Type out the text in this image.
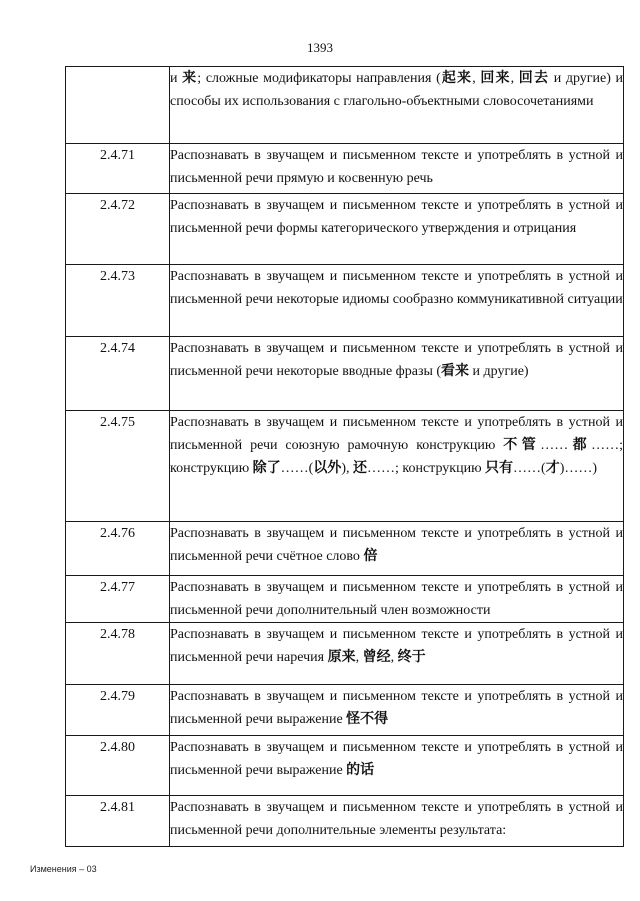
1393
	и 来; сложные модификаторы направления (起来, 回来, 回去 и другие) и способы их использования с глагольно-объектными словосочетаниями
2.4.71	Распознавать в звучащем и письменном тексте и употреблять в устной и письменной речи прямую и косвенную речь
2.4.72	Распознавать в звучащем и письменном тексте и употреблять в устной и письменной речи формы категорического утверждения и отрицания
2.4.73	Распознавать в звучащем и письменном тексте и употреблять в устной и письменной речи некоторые идиомы сообразно коммуникативной ситуации
2.4.74	Распознавать в звучащем и письменном тексте и употреблять в устной и письменной речи некоторые вводные фразы (看来 и другие)
2.4.75	Распознавать в звучащем и письменном тексте и употреблять в устной и письменной речи союзную рамочную конструкцию 不管……都……; конструкцию 除了……(以外), 还……; конструкцию 只有……(才)……)
2.4.76	Распознавать в звучащем и письменном тексте и употреблять в устной и письменной речи счётное слово 倍
2.4.77	Распознавать в звучащем и письменном тексте и употреблять в устной и письменной речи дополнительный член возможности
2.4.78	Распознавать в звучащем и письменном тексте и употреблять в устной и письменной речи наречия 原来, 曾经, 终于
2.4.79	Распознавать в звучащем и письменном тексте и употреблять в устной и письменной речи выражение 怪不得
2.4.80	Распознавать в звучащем и письменном тексте и употреблять в устной и письменной речи выражение 的话
2.4.81	Распознавать в звучащем и письменном тексте и употреблять в устной и письменной речи дополнительные элементы результата:
Изменения – 03
